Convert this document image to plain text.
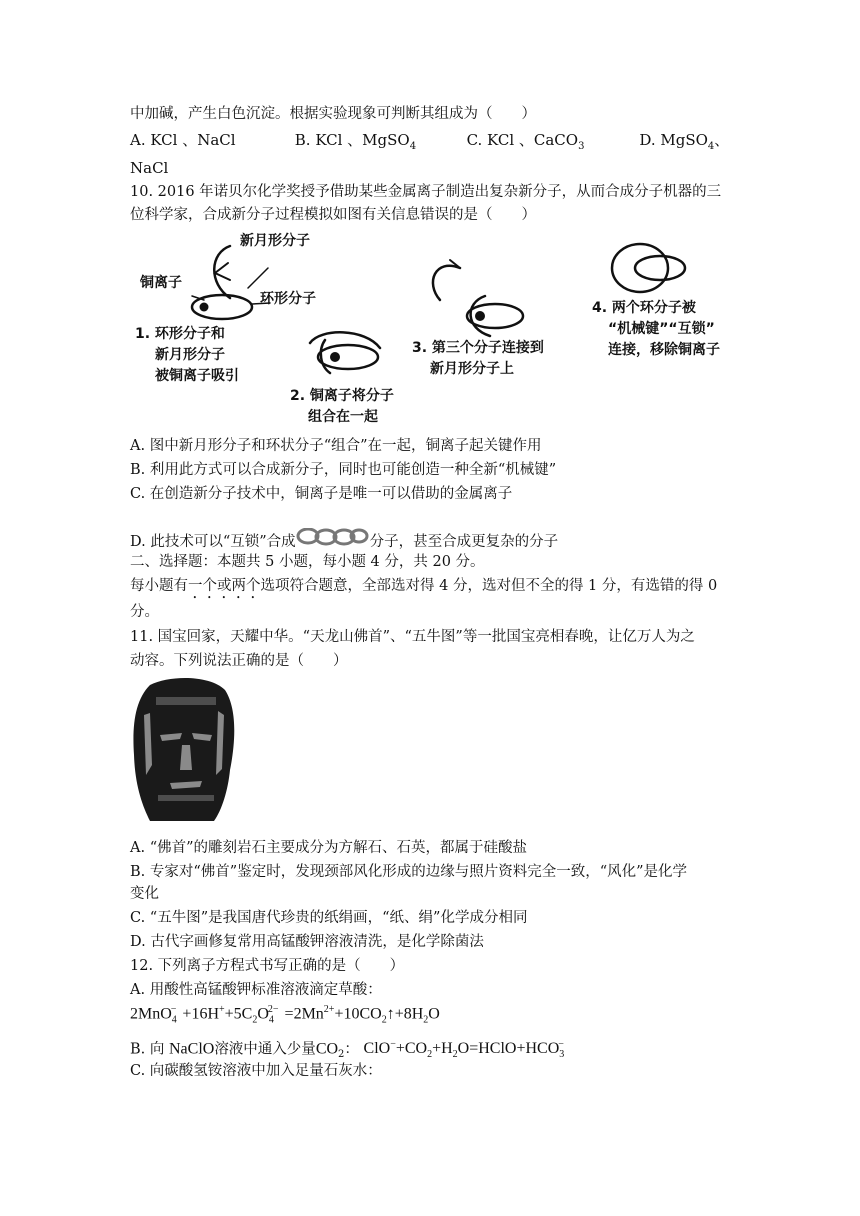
中加碱，产生白色沉淀。根据实验现象可判断其组成为（　　）
A. KCl 、NaCl	B. KCl 、MgSO$_4$	C. KCl 、CaCO$_3$	D. MgSO$_4$、
NaCl
10. 2016 年诺贝尔化学奖授予借助某些金属离子制造出复杂新分子，从而合成分子机器的三
位科学家，合成新分子过程模拟如图有关信息错误的是（　　）
新月形分子
铜离子
环形分子
1. 环形分子和
新月形分子
被铜离子吸引
2. 铜离子将分子
组合在一起
3. 第三个分子连接到
新月形分子上
4. 两个环分子被
“机械键”“互锁”
连接，移除铜离子
A. 图中新月形分子和环状分子“组合”在一起，铜离子起关键作用
B. 利用此方式可以合成新分子，同时也可能创造一种全新“机械键”
C. 在创造新分子技术中，铜离子是唯一可以借助的金属离子
D. 此技术可以“互锁”合成	分子，甚至合成更复杂的分子
二、选择题：本题共 5 小题，每小题 4 分，共 20 分。
每小题有一个或两个选项符合题意，全部选对得 4 分，选对但不全的得 1 分，有选错的得 0
分。
11. 国宝回家，天耀中华。“天龙山佛首”、“五牛图”等一批国宝亮相春晚，让亿万人为之
动容。下列说法正确的是（　　）
A. “佛首”的雕刻岩石主要成分为方解石、石英，都属于硅酸盐
B. 专家对“佛首”鉴定时，发现颈部风化形成的边缘与照片资料完全一致，“风化”是化学
变化
C. “五牛图”是我国唐代珍贵的纸绢画，“纸、绢”化学成分相同
D. 古代字画修复常用高锰酸钾溶液清洗，是化学除菌法
12. 下列离子方程式书写正确的是（　　）
A. 用酸性高锰酸钾标准溶液滴定草酸：
$2MnO_4^- +16H^++5C_2O_4^{2-}$ $=2Mn^{2+}+10CO_2↑+8H_2O$
B. 向 NaClO溶液中通入少量$CO_2$： $ClO^-+CO_2+H_2O=HClO+HCO_3^-$
C. 向碳酸氢铵溶液中加入足量石灰水：
